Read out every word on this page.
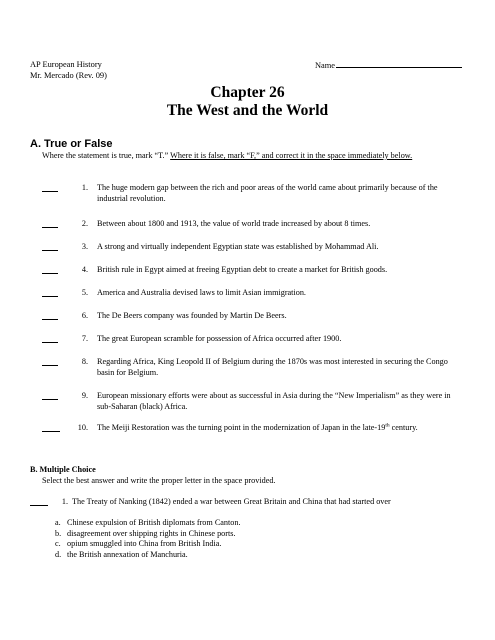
AP European History
Mr. Mercado (Rev. 09)
Name
Chapter 26
The West and the World
A. True or False
Where the statement is true, mark “T.” Where it is false, mark “F,” and correct it in the space immediately below.
1. The huge modern gap between the rich and poor areas of the world came about primarily because of the industrial revolution.
2. Between about 1800 and 1913, the value of world trade increased by about 8 times.
3. A strong and virtually independent Egyptian state was established by Mohammad Ali.
4. British rule in Egypt aimed at freeing Egyptian debt to create a market for British goods.
5. America and Australia devised laws to limit Asian immigration.
6. The De Beers company was founded by Martin De Beers.
7. The great European scramble for possession of Africa occurred after 1900.
8. Regarding Africa, King Leopold II of Belgium during the 1870s was most interested in securing the Congo basin for Belgium.
9. European missionary efforts were about as successful in Asia during the “New Imperialism” as they were in sub-Saharan (black) Africa.
10. The Meiji Restoration was the turning point in the modernization of Japan in the late-19th century.
B. Multiple Choice
Select the best answer and write the proper letter in the space provided.
1. The Treaty of Nanking (1842) ended a war between Great Britain and China that had started over
a. Chinese expulsion of British diplomats from Canton.
b. disagreement over shipping rights in Chinese ports.
c. opium smuggled into China from British India.
d. the British annexation of Manchuria.
